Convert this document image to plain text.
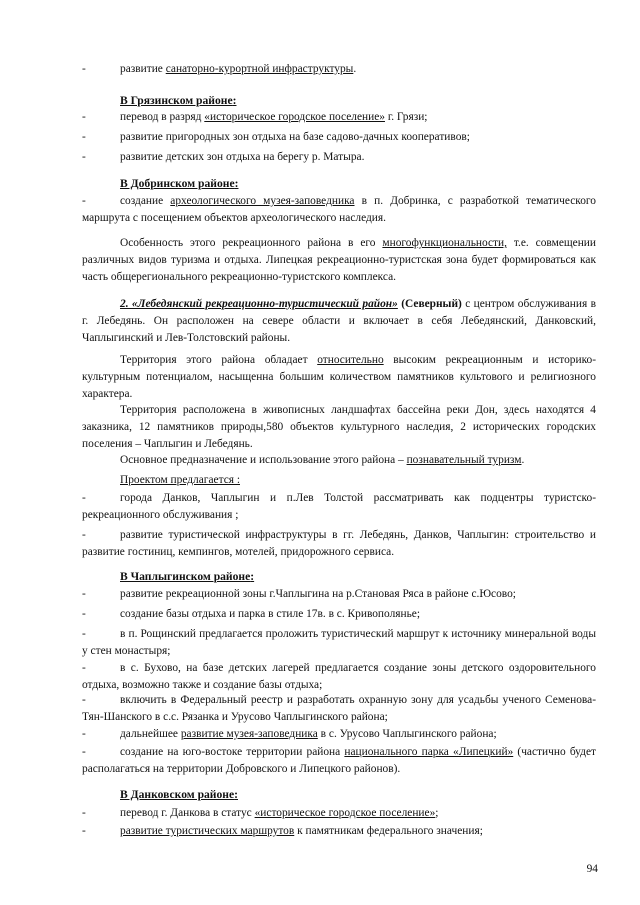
-	развитие санаторно-курортной инфраструктуры.

В Грязинском районе:

-	перевод в разряд «историческое городское поселение» г. Грязи;

-	развитие пригородных зон отдыха на базе садово-дачных кооперативов;

-	развитие детских зон отдыха на берегу р. Матыра.

В Добринском районе:

-	создание археологического музея-заповедника в п. Добринка, с разработкой тематического маршрута с посещением объектов археологического наследия.

Особенность этого рекреационного района в его многофункциональности, т.е. совмещении различных видов туризма и отдыха. Липецкая рекреационно-туристская зона будет формироваться как часть общерегионального рекреационно-туристского комплекса.

2. «Лебедянский рекреационно-туристический район» (Северный) с центром обслуживания в г. Лебедянь. Он расположен на севере области и включает в себя Лебедянский, Данковский, Чаплыгинский и Лев-Толстовский районы.

Территория этого района обладает относительно высоким рекреационным и историко-культурным потенциалом, насыщенна большим количеством памятников культового и религиозного характера.

Территория расположена в живописных ландшафтах бассейна реки Дон, здесь находятся 4 заказника, 12 памятников природы,580 объектов культурного наследия, 2 исторических городских поселения – Чаплыгин и Лебедянь.

Основное предназначение и использование этого района – познавательный туризм.

Проектом предлагается :

-	города Данков, Чаплыгин и п.Лев Толстой рассматривать как подцентры туристско-рекреационного обслуживания ;

-	развитие туристической инфраструктуры в гг. Лебедянь, Данков, Чаплыгин: строительство и развитие гостиниц, кемпингов, мотелей, придорожного сервиса.

В Чаплыгинском районе:

-	развитие рекреационной зоны г.Чаплыгина на р.Становая Ряса в районе с.Юсово;

-	создание базы отдыха и парка в стиле 17в. в с. Кривополянье;

-	в п. Рощинский предлагается проложить туристический маршрут к источнику минеральной воды у стен монастыря;

-	в с. Бухово, на базе детских лагерей предлагается создание зоны детского оздоровительного отдыха, возможно также и создание базы отдыха;

-	включить в Федеральный реестр и разработать охранную зону для усадьбы ученого Семенова-Тян-Шанского в с.с. Рязанка и Урусово Чаплыгинского района;

-	дальнейшее развитие музея-заповедника в с. Урусово Чаплыгинского района;

-	создание на юго-востоке территории района национального парка «Липецкий» (частично будет располагаться на территории Добровского и Липецкого районов).

В Данковском районе:

-	перевод г. Данкова в статус «историческое городское поселение»;

-	развитие туристических маршрутов к памятникам федерального значения;

94
